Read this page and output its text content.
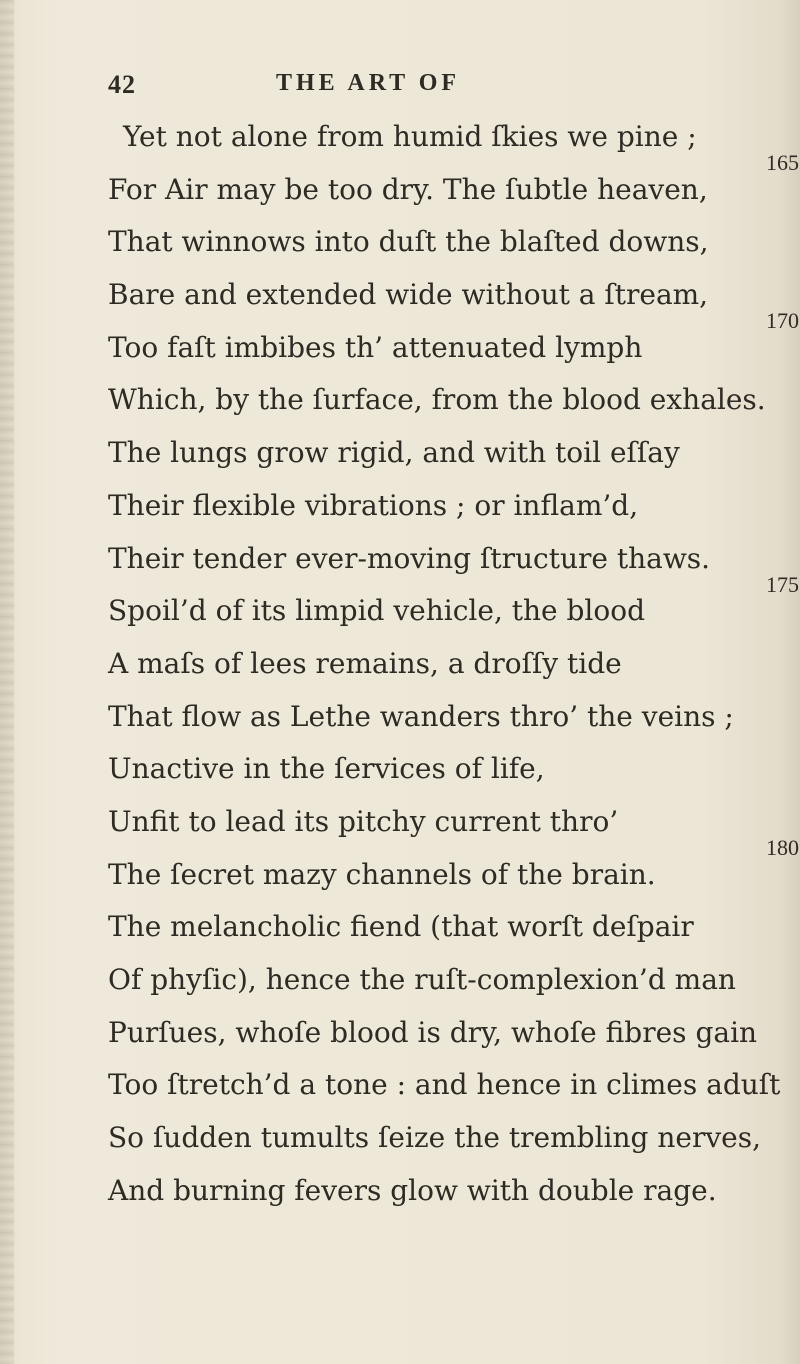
42	THE ART OF
Yet not alone from humid ſkies we pine ;
For Air may be too dry. The ſubtle heaven,
That winnows into duſt the blaſted downs,
Bare and extended wide without a ſtream,
Too faſt imbibes th’ attenuated lymph
Which, by the ſurface, from the blood exhales.
The lungs grow rigid, and with toil eſſay
Their flexible vibrations ; or inflam’d,
Their tender ever-moving ſtructure thaws.
Spoil’d of its limpid vehicle, the blood
A maſs of lees remains, a droſſy tide
That flow as Lethe wanders thro’ the veins ;
Unactive in the ſervices of life,
Unfit to lead its pitchy current thro’
The ſecret mazy channels of the brain.
The melancholic fiend (that worſt deſpair
Of phyſic), hence the ruſt-complexion’d man
Purſues, whoſe blood is dry, whoſe fibres gain
Too ſtretch’d a tone : and hence in climes aduſt
So ſudden tumults ſeize the trembling nerves,
And burning fevers glow with double rage.
165
170
175
180
